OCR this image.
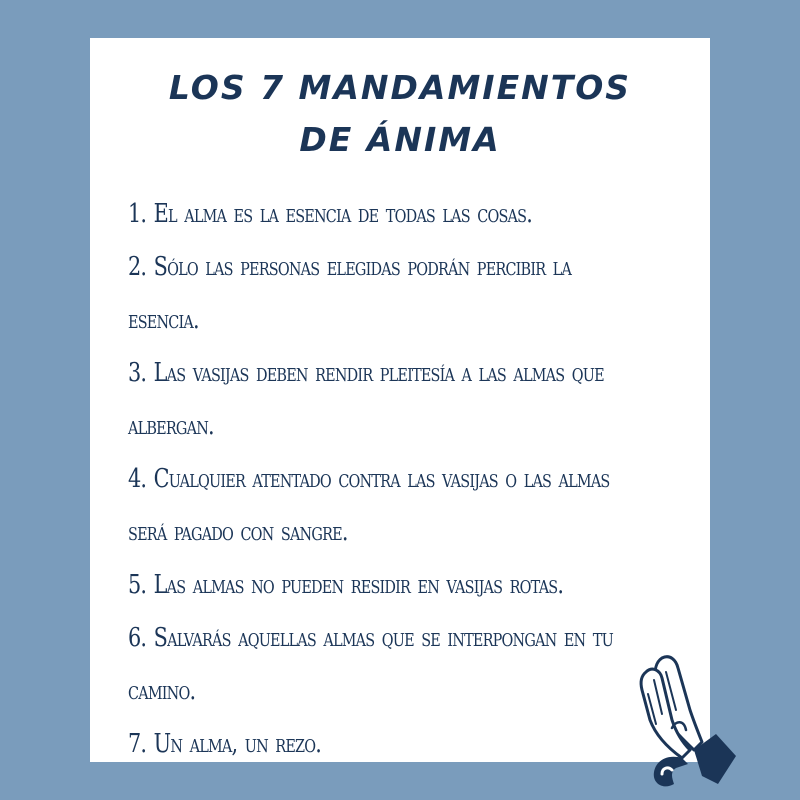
LOS 7 MANDAMIENTOS
DE ÁNIMA
1. El alma es la esencia de todas las cosas.
2. Sólo las personas elegidas podrán percibir la
esencia.
3. Las vasijas deben rendir pleitesía a las almas que
albergan.
4. Cualquier atentado contra las vasijas o las almas
será pagado con sangre.
5. Las almas no pueden residir en vasijas rotas.
6. Salvarás aquellas almas que se interpongan en tu
camino.
7. Un alma, un rezo.
